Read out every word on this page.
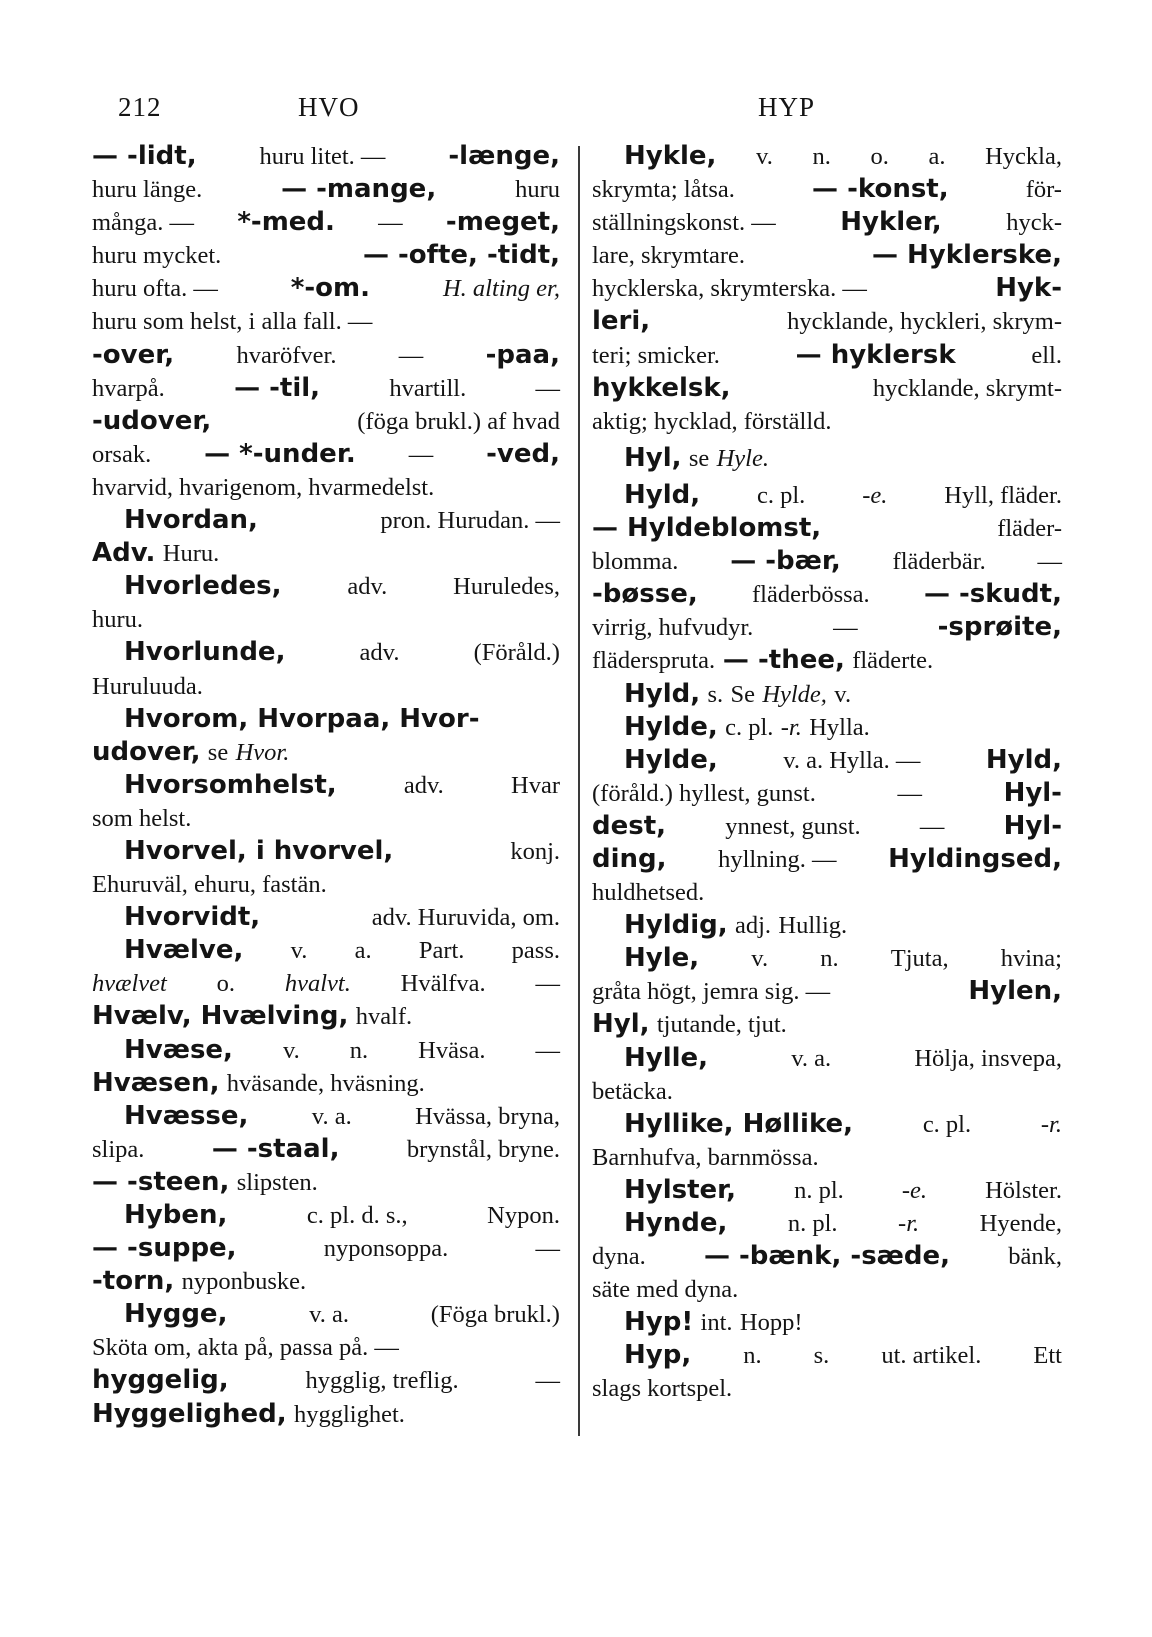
212	HVO	HYP
— -lidt,	huru litet. — -længe,
huru länge.	— -mange,	huru
många. — *-med. — -meget,
huru mycket.	— -ofte, -tidt,
huru ofta. —	*-om.	H. alting er,
huru som helst, i alla fall. —
-over,	hvaröfver.	— -paa,
hvarpå.	— -til,	hvartill.	—
-udover,	(föga brukl.) af hvad
orsak. — *-under. — -ved,
hvarvid, hvarigenom, hvarmedelst.
Hvordan,	pron. Hurudan. —
Adv. Huru.
Hvorledes,	adv.	Huruledes,
huru.
Hvorlunde,	adv.	(Föråld.)
Huruluuda.
Hvorom, Hvorpaa, Hvor-
udover, se Hvor.
Hvorsomhelst,	adv.	Hvar
som helst.
Hvorvel, i hvorvel,	konj.
Ehuruväl, ehuru, fastän.
Hvorvidt,	adv. Huruvida, om.
Hvælve, v. a. Part. pass.
hvælvet o. hvalvt. Hvälfva. —
Hvælv, Hvælving, hvalf.
Hvæse, v. n. Hväsa. —
Hvæsen, hväsande, hväsning.
Hvæsse,	v. a.	Hvässa, bryna,
slipa.	— -staal,	brynstål, bryne.
— -steen, slipsten.
Hyben,	c. pl. d. s.,	Nypon.
— -suppe,	nyponsoppa.	—
-torn, nyponbuske.
Hygge,	v. a.	(Föga brukl.)
Sköta om, akta på, passa på. —
hyggelig,	hygglig, treflig.	—
Hyggelighed, hygglighet.
Hykle, v. n. o. a. Hyckla,
skrymta; låtsa.	— -konst,	för-
ställningskonst. — Hykler,	hyck-
lare, skrymtare.	— Hyklerske,
hycklerska, skrymterska. —	Hyk-
leri,	hycklande, hyckleri, skrym-
teri; smicker.	— hyklersk	ell.
hykkelsk,	hycklande, skrymt-
aktig; hycklad, förställd.
Hyl, se Hyle.
Hyld, c. pl. -e. Hyll, fläder.
— Hyldeblomst,	fläder-
blomma. — -bær, fläderbär. —
-bøsse, fläderbössa. — -skudt,
virrig, hufvudyr.	—	-sprøite,
fläderspruta. — -thee, fläderte.
Hyld, s. Se Hylde, v.
Hylde, c. pl. -r. Hylla.
Hylde,	v. a. Hylla. —	Hyld,
(föråld.) hyllest, gunst.	—	Hyl-
dest, ynnest, gunst. — Hyl-
ding, hyllning. — Hyldingsed,
huldhetsed.
Hyldig, adj. Hullig.
Hyle, v. n. Tjuta, hvina;
gråta högt, jemra sig. —	Hylen,
Hyl, tjutande, tjut.
Hylle,	v. a.	Hölja, insvepa,
betäcka.
Hyllike, Høllike,	c. pl.	-r.
Barnhufva, barnmössa.
Hylster, n. pl. -e. Hölster.
Hynde, n. pl. -r. Hyende,
dyna. — -bænk, -sæde, bänk,
säte med dyna.
Hyp! int. Hopp!
Hyp, n. s. ut. artikel. Ett
slags kortspel.
